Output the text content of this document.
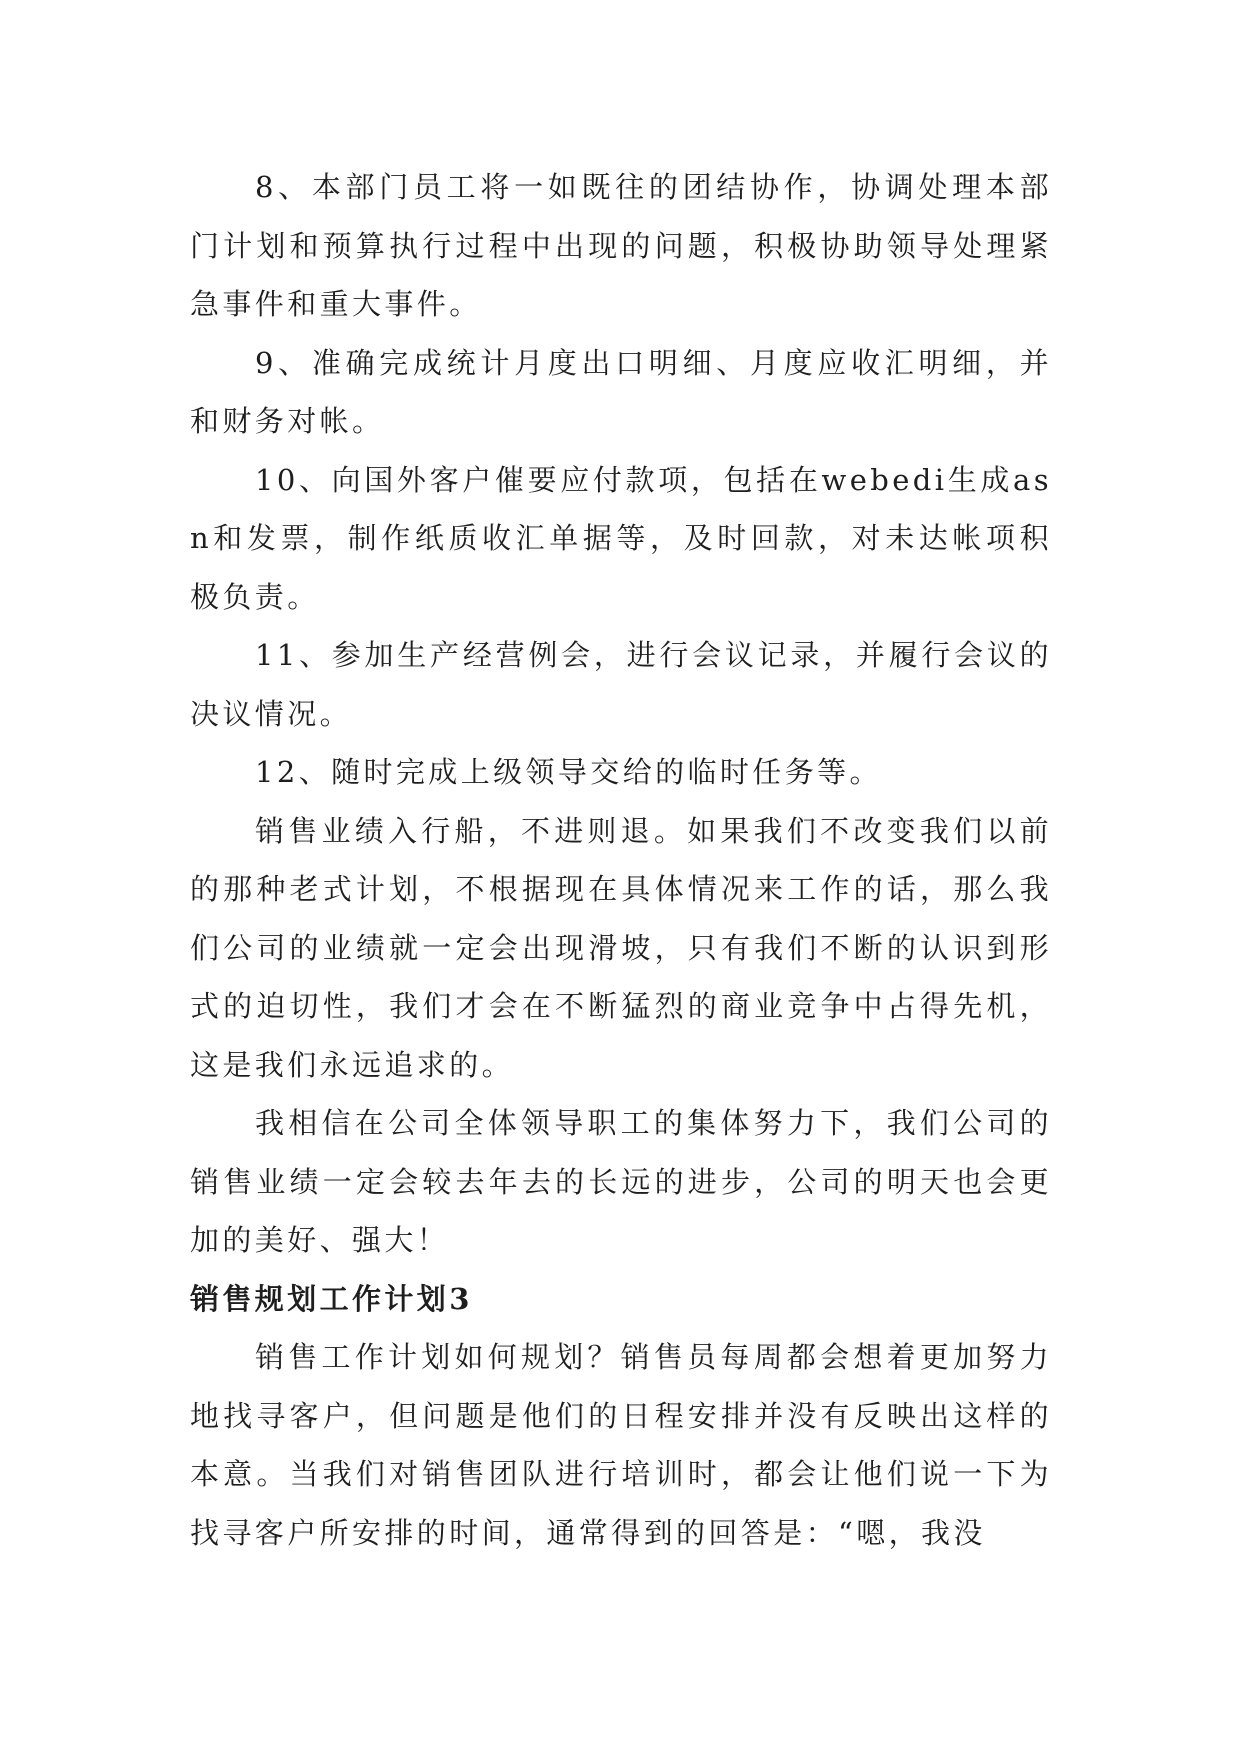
8、本部门员工将一如既往的团结协作，协调处理本部门计划和预算执行过程中出现的问题，积极协助领导处理紧急事件和重大事件。

9、准确完成统计月度出口明细、月度应收汇明细，并和财务对帐。

10、向国外客户催要应付款项，包括在webedi生成asn和发票，制作纸质收汇单据等，及时回款，对未达帐项积极负责。

11、参加生产经营例会，进行会议记录，并履行会议的决议情况。

12、随时完成上级领导交给的临时任务等。

销售业绩入行船，不进则退。如果我们不改变我们以前的那种老式计划，不根据现在具体情况来工作的话，那么我们公司的业绩就一定会出现滑坡，只有我们不断的认识到形式的迫切性，我们才会在不断猛烈的商业竞争中占得先机，这是我们永远追求的。

我相信在公司全体领导职工的集体努力下，我们公司的销售业绩一定会较去年去的长远的进步，公司的明天也会更加的美好、强大！

销售规划工作计划3

销售工作计划如何规划？销售员每周都会想着更加努力地找寻客户，但问题是他们的日程安排并没有反映出这样的本意。当我们对销售团队进行培训时，都会让他们说一下为找寻客户所安排的时间，通常得到的回答是：“嗯，我没
